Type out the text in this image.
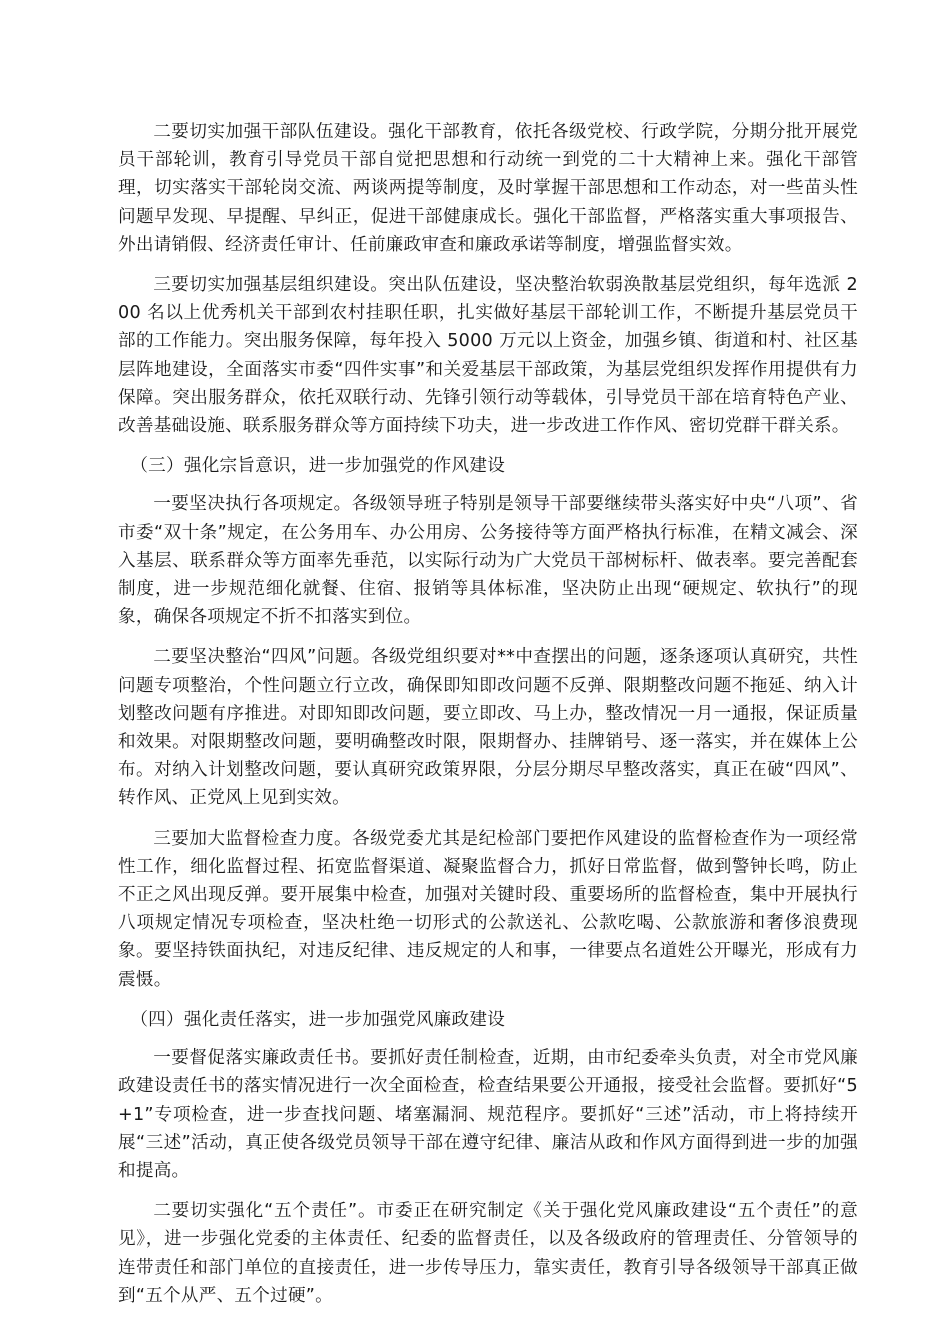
二要切实加强干部队伍建设。强化干部教育，依托各级党校、行政学院，分期分批开展党员干部轮训，教育引导党员干部自觉把思想和行动统一到党的二十大精神上来。强化干部管理，切实落实干部轮岗交流、两谈两提等制度，及时掌握干部思想和工作动态，对一些苗头性问题早发现、早提醒、早纠正，促进干部健康成长。强化干部监督，严格落实重大事项报告、外出请销假、经济责任审计、任前廉政审查和廉政承诺等制度，增强监督实效。

三要切实加强基层组织建设。突出队伍建设，坚决整治软弱涣散基层党组织，每年选派 200 名以上优秀机关干部到农村挂职任职，扎实做好基层干部轮训工作，不断提升基层党员干部的工作能力。突出服务保障，每年投入 5000 万元以上资金，加强乡镇、街道和村、社区基层阵地建设，全面落实市委“四件实事”和关爱基层干部政策，为基层党组织发挥作用提供有力保障。突出服务群众，依托双联行动、先锋引领行动等载体，引导党员干部在培育特色产业、改善基础设施、联系服务群众等方面持续下功夫，进一步改进工作作风、密切党群干群关系。

（三）强化宗旨意识，进一步加强党的作风建设

一要坚决执行各项规定。各级领导班子特别是领导干部要继续带头落实好中央“八项”、省市委“双十条”规定，在公务用车、办公用房、公务接待等方面严格执行标准，在精文减会、深入基层、联系群众等方面率先垂范，以实际行动为广大党员干部树标杆、做表率。要完善配套制度，进一步规范细化就餐、住宿、报销等具体标准，坚决防止出现“硬规定、软执行”的现象，确保各项规定不折不扣落实到位。

二要坚决整治“四风”问题。各级党组织要对**中查摆出的问题，逐条逐项认真研究，共性问题专项整治，个性问题立行立改，确保即知即改问题不反弹、限期整改问题不拖延、纳入计划整改问题有序推进。对即知即改问题，要立即改、马上办，整改情况一月一通报，保证质量和效果。对限期整改问题，要明确整改时限，限期督办、挂牌销号、逐一落实，并在媒体上公布。对纳入计划整改问题，要认真研究政策界限，分层分期尽早整改落实，真正在破“四风”、转作风、正党风上见到实效。

三要加大监督检查力度。各级党委尤其是纪检部门要把作风建设的监督检查作为一项经常性工作，细化监督过程、拓宽监督渠道、凝聚监督合力，抓好日常监督，做到警钟长鸣，防止不正之风出现反弹。要开展集中检查，加强对关键时段、重要场所的监督检查，集中开展执行八项规定情况专项检查，坚决杜绝一切形式的公款送礼、公款吃喝、公款旅游和奢侈浪费现象。要坚持铁面执纪，对违反纪律、违反规定的人和事，一律要点名道姓公开曝光，形成有力震慑。

（四）强化责任落实，进一步加强党风廉政建设

一要督促落实廉政责任书。要抓好责任制检查，近期，由市纪委牵头负责，对全市党风廉政建设责任书的落实情况进行一次全面检查，检查结果要公开通报，接受社会监督。要抓好“5+1”专项检查，进一步查找问题、堵塞漏洞、规范程序。要抓好“三述”活动，市上将持续开展“三述”活动，真正使各级党员领导干部在遵守纪律、廉洁从政和作风方面得到进一步的加强和提高。

二要切实强化“五个责任”。市委正在研究制定《关于强化党风廉政建设“五个责任”的意见》，进一步强化党委的主体责任、纪委的监督责任，以及各级政府的管理责任、分管领导的连带责任和部门单位的直接责任，进一步传导压力，靠实责任，教育引导各级领导干部真正做到“五个从严、五个过硬”。
